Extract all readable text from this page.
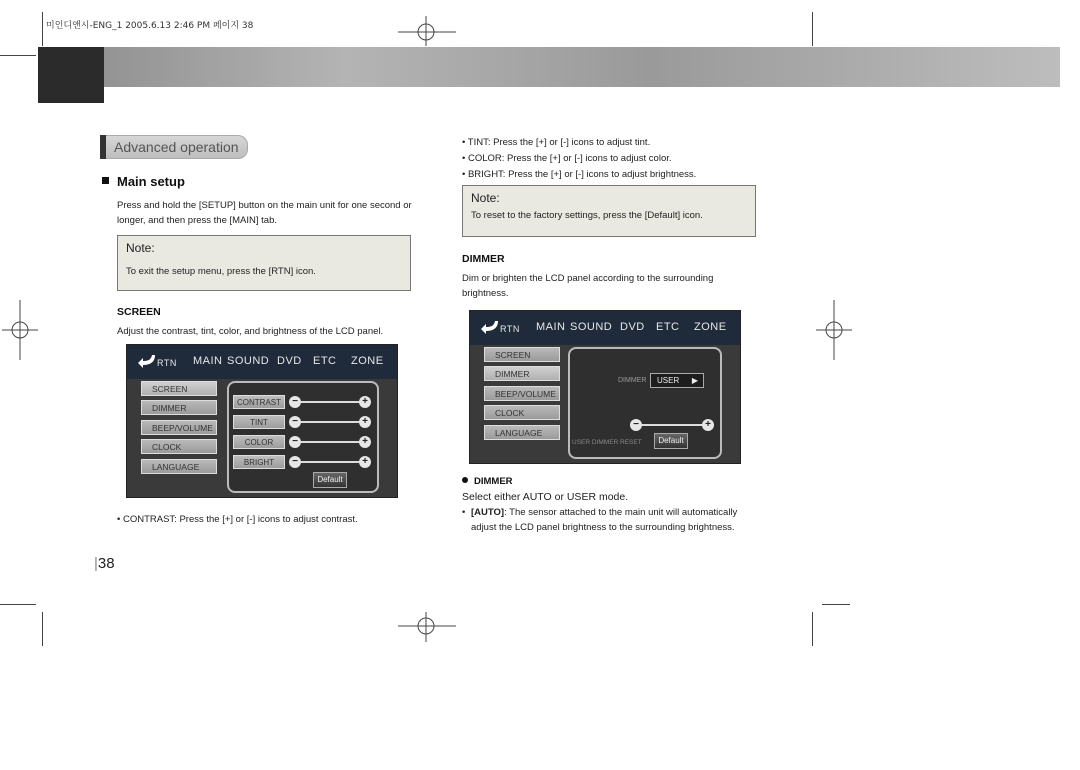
미인디앤시-ENG_1 2005.6.13 2:46 PM 페이지 38
Advanced operation
Main setup
Press and hold the [SETUP] button on the main unit for one second or longer, and then press the [MAIN] tab.
Note:
To exit the setup menu, press the [RTN] icon.
SCREEN
Adjust the contrast, tint, color, and brightness of the LCD panel.
RTN MAIN SOUND DVD ETC ZONE
SCREEN
DIMMER
BEEP/VOLUME
CLOCK
LANGUAGE
CONTRAST	−	+
TINT	−	+
COLOR	−	+
BRIGHT	−	+
Default
• CONTRAST: Press the [+] or [-] icons to adjust contrast.
|38
• TINT: Press the [+] or [-] icons to adjust tint.
• COLOR: Press the [+] or [-] icons to adjust color.
• BRIGHT: Press the [+] or [-] icons to adjust brightness.
Note:
To reset to the factory settings, press the [Default] icon.
DIMMER
Dim or brighten the LCD panel according to the surrounding brightness.
RTN MAIN SOUND DVD ETC ZONE
SCREEN
DIMMER
BEEP/VOLUME
CLOCK
LANGUAGE
DIMMER	USER ▶
−	+
USER DIMMER RESET	Default
DIMMER
Select either AUTO or USER mode.
• [AUTO]: The sensor attached to the main unit will automatically adjust the LCD panel brightness to the surrounding brightness.
